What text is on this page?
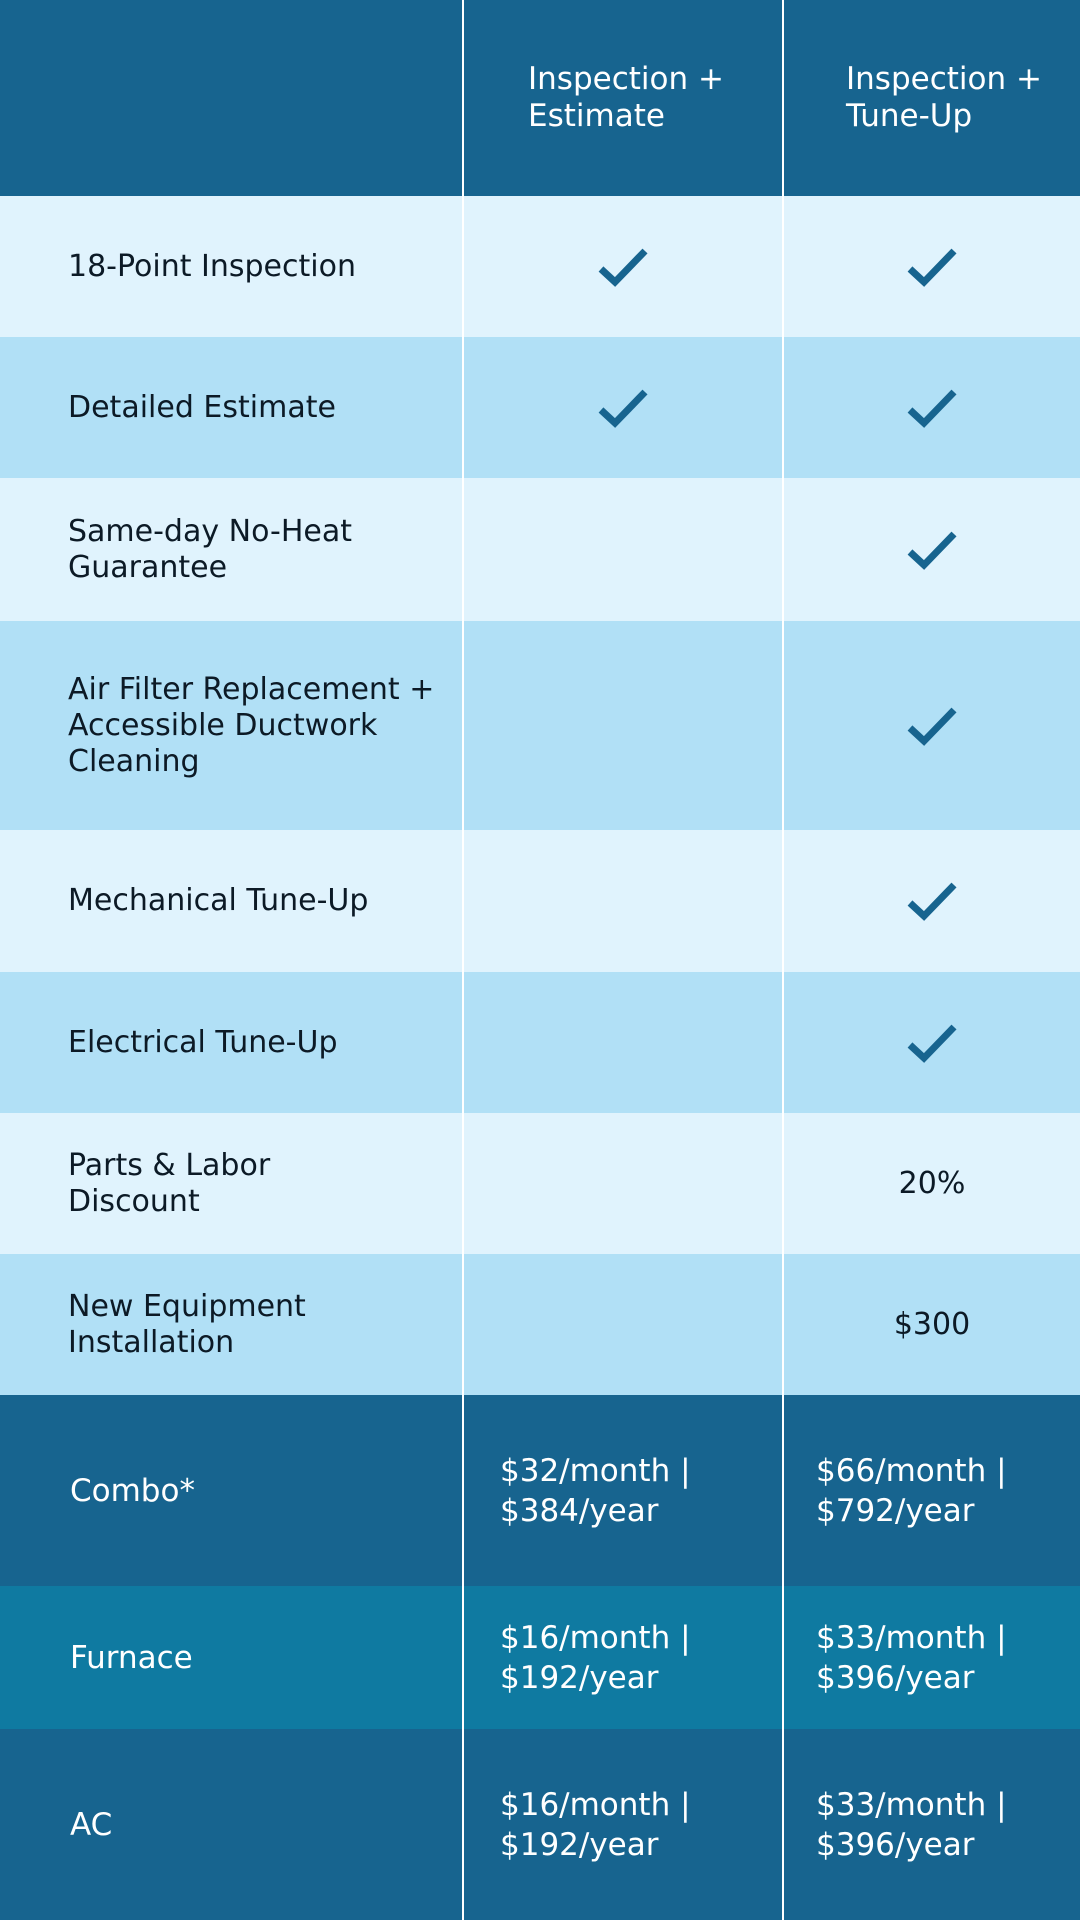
Inspection +
Estimate
Inspection +
Tune-Up
18-Point Inspection
Detailed Estimate
Same-day No-Heat
Guarantee
Air Filter Replacement +
Accessible Ductwork
Cleaning
Mechanical Tune-Up
Electrical Tune-Up
Parts & Labor
Discount	20%
New Equipment
Installation	$300
Combo*
$32/month |
$384/year
$66/month |
$792/year
Furnace
$16/month |
$192/year
$33/month |
$396/year
AC
$16/month |
$192/year
$33/month |
$396/year
